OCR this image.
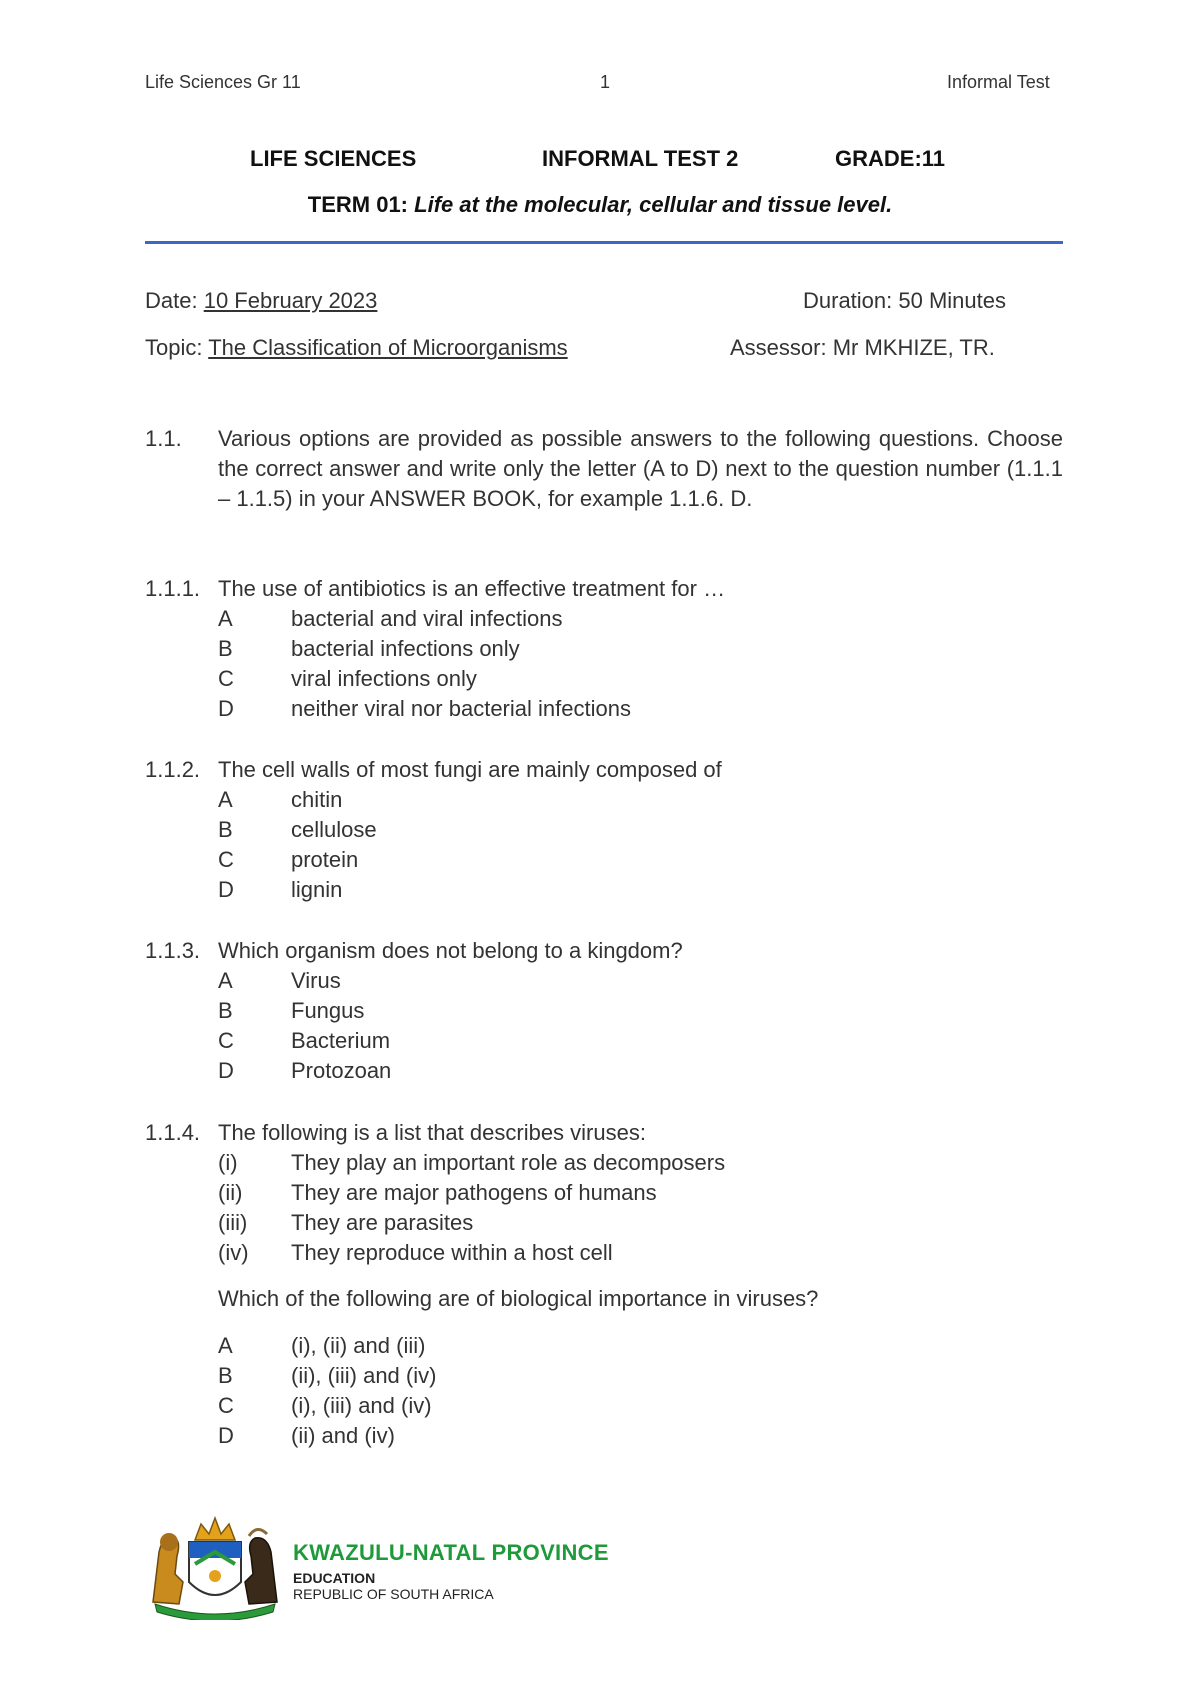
Life Sciences Gr 11	1	Informal Test
LIFE SCIENCES	INFORMAL TEST 2	GRADE:11
TERM 01: Life at the molecular, cellular and tissue level.
Date: 10 February 2023	Duration: 50 Minutes
Topic: The Classification of Microorganisms	Assessor: Mr MKHIZE, TR.
1.1. Various options are provided as possible answers to the following questions. Choose the correct answer and write only the letter (A to D) next to the question number (1.1.1 – 1.1.5) in your ANSWER BOOK, for example 1.1.6. D.
1.1.1. The use of antibiotics is an effective treatment for …
A	bacterial and viral infections
B	bacterial infections only
C	viral infections only
D	neither viral nor bacterial infections
1.1.2. The cell walls of most fungi are mainly composed of
A	chitin
B	cellulose
C	protein
D	lignin
1.1.3. Which organism does not belong to a kingdom?
A	Virus
B	Fungus
C	Bacterium
D	Protozoan
1.1.4. The following is a list that describes viruses:
(i) They play an important role as decomposers
(ii) They are major pathogens of humans
(iii) They are parasites
(iv) They reproduce within a host cell
Which of the following are of biological importance in viruses?
A	(i), (ii) and (iii)
B	(ii), (iii) and (iv)
C	(i), (iii) and (iv)
D	(ii) and (iv)
KWAZULU-NATAL PROVINCE
EDUCATION
REPUBLIC OF SOUTH AFRICA
